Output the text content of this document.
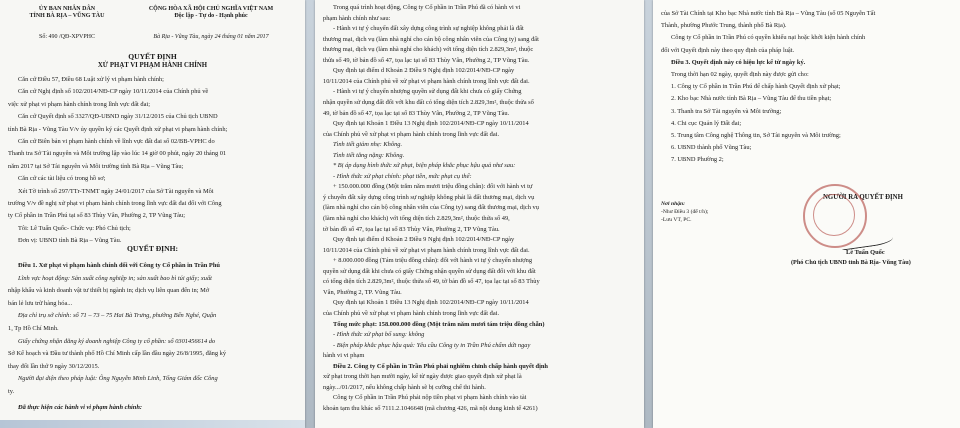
ỦY BAN NHÂN DÂN
TỈNH BÀ RỊA – VŨNG TÀU
Số: 490 /QĐ-XPVPHC
CỘNG HÒA XÃ HỘI CHỦ NGHĨA VIỆT NAM
Độc lập - Tự do - Hạnh phúc
Bà Rịa - Vũng Tàu, ngày 24 tháng 01 năm 2017
QUYẾT ĐỊNH
XỬ PHẠT VI PHẠM HÀNH CHÍNH
Căn cứ Điều 57, Điều 68 Luật xử lý vi phạm hành chính;
Căn cứ Nghị định số 102/2014/NĐ-CP ngày 10/11/2014 của Chính phủ về
việc xử phạt vi phạm hành chính trong lĩnh vực đất đai;
Căn cứ Quyết định số 3327/QĐ-UBND ngày 31/12/2015 của Chủ tịch UBND
tỉnh Bà Rịa - Vũng Tàu V/v ủy quyền ký các Quyết định xử phạt vi phạm hành chính;
Căn cứ Biên bản vi phạm hành chính về lĩnh vực đất đai số 02/BB-VPHC do
Thanh tra Sở Tài nguyên và Môi trường lập vào lúc 14 giờ 00 phút, ngày 20 tháng 01
năm 2017 tại Sở Tài nguyên và Môi trường tỉnh Bà Rịa – Vũng Tàu;
Căn cứ các tài liệu có trong hồ sơ;
Xét Tờ trình số 297/TTr-TNMT ngày 24/01/2017 của Sở Tài nguyên và Môi
trường V/v đề nghị xử phạt vi phạm hành chính trong lĩnh vực đất đai đối với Công
ty Cổ phần in Trần Phú tại số 83 Thùy Vân, Phường 2, TP Vũng Tàu;
Tôi: Lê Tuấn Quốc- Chức vụ: Phó Chủ tịch;
Đơn vị: UBND tỉnh Bà Rịa – Vũng Tàu.
QUYẾT ĐỊNH:
Điều 1. Xử phạt vi phạm hành chính đối với Công ty Cổ phần in Trần Phú
Lĩnh vực hoạt động: Sản xuất công nghiệp in; sản xuất bao bì túi giấy; xuất
nhập khẩu và kinh doanh vật tư thiết bị ngành in; dịch vụ liên quan đến in; Mở
bán lẻ lưu trữ hàng hóa...
Địa chỉ trụ sở chính: số 71 – 73 – 75 Hai Bà Trưng, phường Bến Nghé, Quận
1, Tp Hồ Chí Minh.
Giấy chứng nhận đăng ký doanh nghiệp Công ty cổ phần: số 0301456614 do
Sở Kế hoạch và Đầu tư thành phố Hồ Chí Minh cấp lần đầu ngày 26/8/1995, đăng ký
thay đổi lần thứ 9 ngày 30/12/2015.
Người đại diện theo pháp luật: Ông Nguyễn Minh Linh, Tổng Giám đốc Công
ty.
Đã thực hiện các hành vi vi phạm hành chính:
Trong quá trình hoạt động, Công ty Cổ phần in Trần Phú đã có hành vi vi
phạm hành chính như sau:
- Hành vi tự ý chuyển đất xây dựng công trình sự nghiệp không phải là đất
thương mại, dịch vụ (làm nhà nghỉ cho cán bộ công nhân viên của Công ty) sang đất
thương mại, dịch vụ (làm nhà nghỉ cho khách) với tổng diện tích 2.829,3m², thuộc
thửa số 49, tờ bản đồ số 47, tọa lạc tại số 83 Thùy Vân, Phường 2, TP Vũng Tàu.
Quy định tại điểm d Khoản 2 Điều 9 Nghị định 102/2014/NĐ-CP ngày
10/11/2014 của Chính phủ về xử phạt vi phạm hành chính trong lĩnh vực đất đai.
- Hành vi tự ý chuyển nhượng quyền sử dụng đất khi chưa có giấy Chứng
nhận quyền sử dụng đất đối với khu đất có tổng diện tích 2.829,3m², thuộc thửa số
49, tờ bản đồ số 47, tọa lạc tại số 83 Thùy Vân, Phường 2, TP Vũng Tàu.
Quy định tại Khoản 1 Điều 13 Nghị định 102/2014/NĐ-CP ngày 10/11/2014
của Chính phủ về xử phạt vi phạm hành chính trong lĩnh vực đất đai.
Tình tiết giảm nhẹ: Không.
Tình tiết tăng nặng: Không.
* Bị áp dụng hình thức xử phạt, biện pháp khắc phục hậu quả như sau:
- Hình thức xử phạt chính: phạt tiền, mức phạt cụ thể:
+ 150.000.000 đồng (Một trăm năm mươi triệu đồng chẵn): đối với hành vi tự
ý chuyển đất xây dựng công trình sự nghiệp không phải là đất thương mại, dịch vụ
(làm nhà nghỉ cho cán bộ công nhân viên của Công ty) sang đất thương mại, dịch vụ
(làm nhà nghỉ cho khách) với tổng diện tích 2.829,3m², thuộc thửa số 49,
tờ bản đồ số 47, tọa lạc tại số 83 Thùy Vân, Phường 2, TP Vũng Tàu.
Quy định tại điểm d Khoản 2 Điều 9 Nghị định 102/2014/NĐ-CP ngày
10/11/2014 của Chính phủ về xử phạt vi phạm hành chính trong lĩnh vực đất đai.
+ 8.000.000 đồng (Tám triệu đồng chẵn): đối với hành vi tự ý chuyển nhượng
quyền sử dụng đất khi chưa có giấy Chứng nhận quyền sử dụng đất đối với khu đất
có tổng diện tích 2.829,3m², thuộc thửa số 49, tờ bản đồ số 47, tọa lạc tại số 83 Thùy
Vân, Phường 2, TP. Vũng Tàu.
Quy định tại Khoản 1 Điều 13 Nghị định 102/2014/NĐ-CP ngày 10/11/2014
của Chính phủ về xử phạt vi phạm hành chính trong lĩnh vực đất đai.
Tổng mức phạt: 158.000.000 đồng (Một trăm năm mươi tám triệu đồng chẵn)
- Hình thức xử phạt bổ sung: không
- Biện pháp khắc phục hậu quả: Yêu cầu Công ty in Trần Phú chấm dứt ngay
hành vi vi phạm
Điều 2. Công ty Cổ phần in Trần Phú phải nghiêm chỉnh chấp hành quyết định
xử phạt trong thời hạn mười ngày, kể từ ngày được giao quyết định xử phạt là
ngày.../01/2017, nếu không chấp hành sẽ bị cưỡng chế thi hành.
Công ty Cổ phần in Trần Phú phải nộp tiền phạt vi phạm hành chính vào tài
khoản tạm thu khác số 7111.2.1046648 (mã chương 426, mã nội dung kinh tế 4261)
của Sở Tài Chính tại Kho bạc Nhà nước tỉnh Bà Rịa – Vũng Tàu (số 05 Nguyễn Tất
Thành, phường Phước Trung, thành phố Bà Rịa).
Công ty Cổ phần in Trần Phú có quyền khiếu nại hoặc khởi kiện hành chính
đối với Quyết định này theo quy định của pháp luật.
Điều 3. Quyết định này có hiệu lực kể từ ngày ký.
Trong thời hạn 02 ngày, quyết định này được gửi cho:
1. Công ty Cổ phần in Trần Phú để chấp hành Quyết định xử phạt;
2. Kho bạc Nhà nước tỉnh Bà Rịa – Vũng Tàu để thu tiền phạt;
3. Thanh tra Sở Tài nguyên và Môi trường;
4. Chi cục Quản lý Đất đai;
5. Trung tâm Công nghệ Thông tin, Sở Tài nguyên và Môi trường;
6. UBND thành phố Vũng Tàu;
7. UBND Phường 2;
NGƯỜI RA QUYẾT ĐỊNH
Nơi nhận:
-Như Điều 3 (để t/h);
-Lưu VT, PC.
Lê Tuấn Quốc
(Phó Chủ tịch UBND tỉnh Bà Rịa- Vũng Tàu)
